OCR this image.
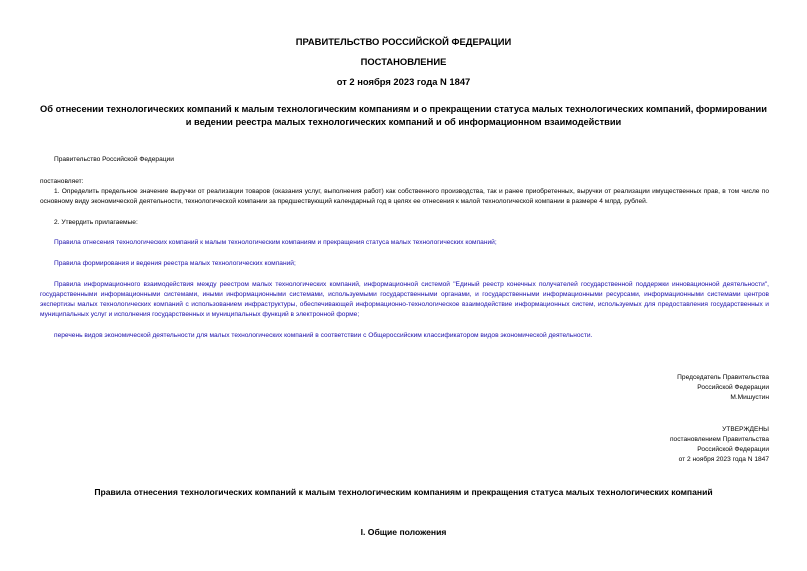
ПРАВИТЕЛЬСТВО РОССИЙСКОЙ ФЕДЕРАЦИИ
ПОСТАНОВЛЕНИЕ
от 2 ноября 2023 года N 1847
Об отнесении технологических компаний к малым технологическим компаниям и о прекращении статуса малых технологических компаний, формировании и ведении реестра малых технологических компаний и об информационном взаимодействии
Правительство Российской Федерации
постановляет:
1. Определить предельное значение выручки от реализации товаров (оказания услуг, выполнения работ) как собственного производства, так и ранее приобретенных, выручки от реализации имущественных прав, в том числе по основному виду экономической деятельности, технологической компании за предшествующий календарный год в целях ее отнесения к малой технологической компании в размере 4 млрд. рублей.
2. Утвердить прилагаемые:
Правила отнесения технологических компаний к малым технологическим компаниям и прекращения статуса малых технологических компаний;
Правила формирования и ведения реестра малых технологических компаний;
Правила информационного взаимодействия между реестром малых технологических компаний, информационной системой "Единый реестр конечных получателей государственной поддержки инновационной деятельности", государственными информационными системами, иными информационными системами, используемыми государственными органами, и государственными информационными ресурсами, информационными системами центров экспертизы малых технологических компаний с использованием инфраструктуры, обеспечивающей информационно-технологическое взаимодействие информационных систем, используемых для предоставления государственных и муниципальных услуг и исполнения государственных и муниципальных функций в электронной форме;
перечень видов экономической деятельности для малых технологических компаний в соответствии с Общероссийским классификатором видов экономической деятельности.
Председатель Правительства
Российской Федерации
М.Мишустин
УТВЕРЖДЕНЫ
постановлением Правительства
Российской Федерации
от 2 ноября 2023 года N 1847
Правила отнесения технологических компаний к малым технологическим компаниям и прекращения статуса малых технологических компаний
I. Общие положения
